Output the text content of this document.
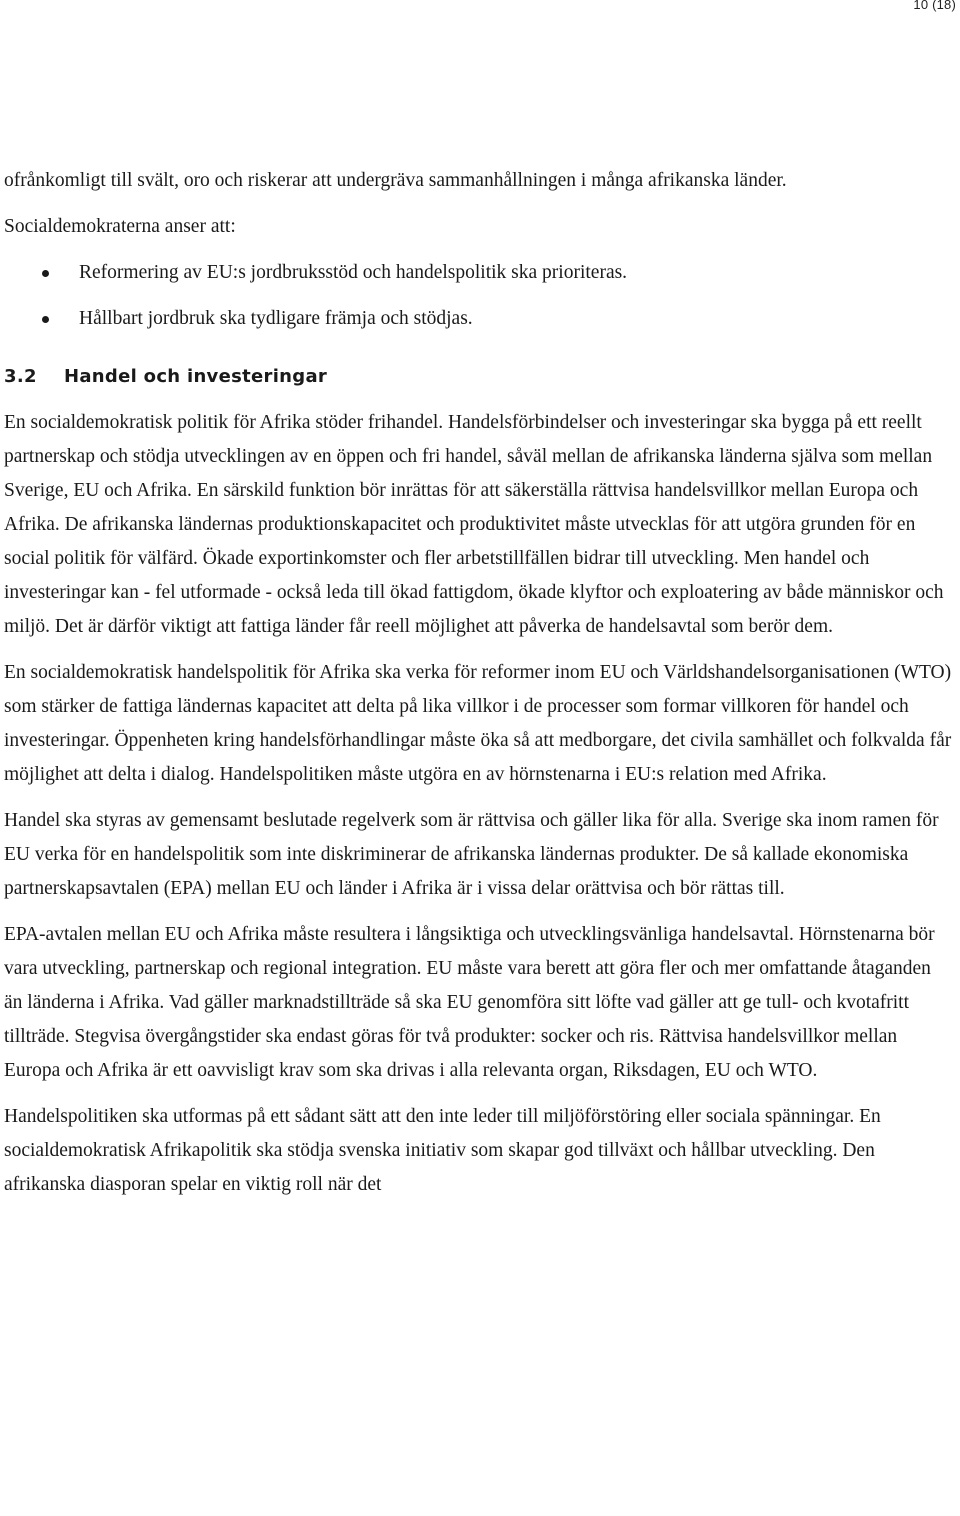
10 (18)

ofrånkomligt till svält, oro och riskerar att undergräva sammanhållningen i många afrikanska länder.

Socialdemokraterna anser att:

Reformering av EU:s jordbruksstöd och handelspolitik ska prioriteras.
Hållbart jordbruk ska tydligare främja och stödjas.
3.2 Handel och investeringar

En socialdemokratisk politik för Afrika stöder frihandel. Handelsförbindelser och investeringar ska bygga på ett reellt partnerskap och stödja utvecklingen av en öppen och fri handel, såväl mellan de afrikanska länderna själva som mellan Sverige, EU och Afrika. En särskild funktion bör inrättas för att säkerställa rättvisa handelsvillkor mellan Europa och Afrika. De afrikanska ländernas produktionskapacitet och produktivitet måste utvecklas för att utgöra grunden för en social politik för välfärd. Ökade exportinkomster och fler arbetstillfällen bidrar till utveckling. Men handel och investeringar kan - fel utformade - också leda till ökad fattigdom, ökade klyftor och exploatering av både människor och miljö. Det är därför viktigt att fattiga länder får reell möjlighet att påverka de handelsavtal som berör dem.

En socialdemokratisk handelspolitik för Afrika ska verka för reformer inom EU och Världshandelsorganisationen (WTO) som stärker de fattiga ländernas kapacitet att delta på lika villkor i de processer som formar villkoren för handel och investeringar. Öppenheten kring handelsförhandlingar måste öka så att medborgare, det civila samhället och folkvalda får möjlighet att delta i dialog. Handelspolitiken måste utgöra en av hörnstenarna i EU:s relation med Afrika.

Handel ska styras av gemensamt beslutade regelverk som är rättvisa och gäller lika för alla. Sverige ska inom ramen för EU verka för en handelspolitik som inte diskriminerar de afrikanska ländernas produkter. De så kallade ekonomiska partnerskapsavtalen (EPA) mellan EU och länder i Afrika är i vissa delar orättvisa och bör rättas till.

EPA-avtalen mellan EU och Afrika måste resultera i långsiktiga och utvecklingsvänliga handelsavtal. Hörnstenarna bör vara utveckling, partnerskap och regional integration. EU måste vara berett att göra fler och mer omfattande åtaganden än länderna i Afrika. Vad gäller marknadstillträde så ska EU genomföra sitt löfte vad gäller att ge tull- och kvotafritt tillträde. Stegvisa övergångstider ska endast göras för två produkter: socker och ris. Rättvisa handelsvillkor mellan Europa och Afrika är ett oavvisligt krav som ska drivas i alla relevanta organ, Riksdagen, EU och WTO.

Handelspolitiken ska utformas på ett sådant sätt att den inte leder till miljöförstöring eller sociala spänningar. En socialdemokratisk Afrikapolitik ska stödja svenska initiativ som skapar god tillväxt och hållbar utveckling. Den afrikanska diasporan spelar en viktig roll när det
